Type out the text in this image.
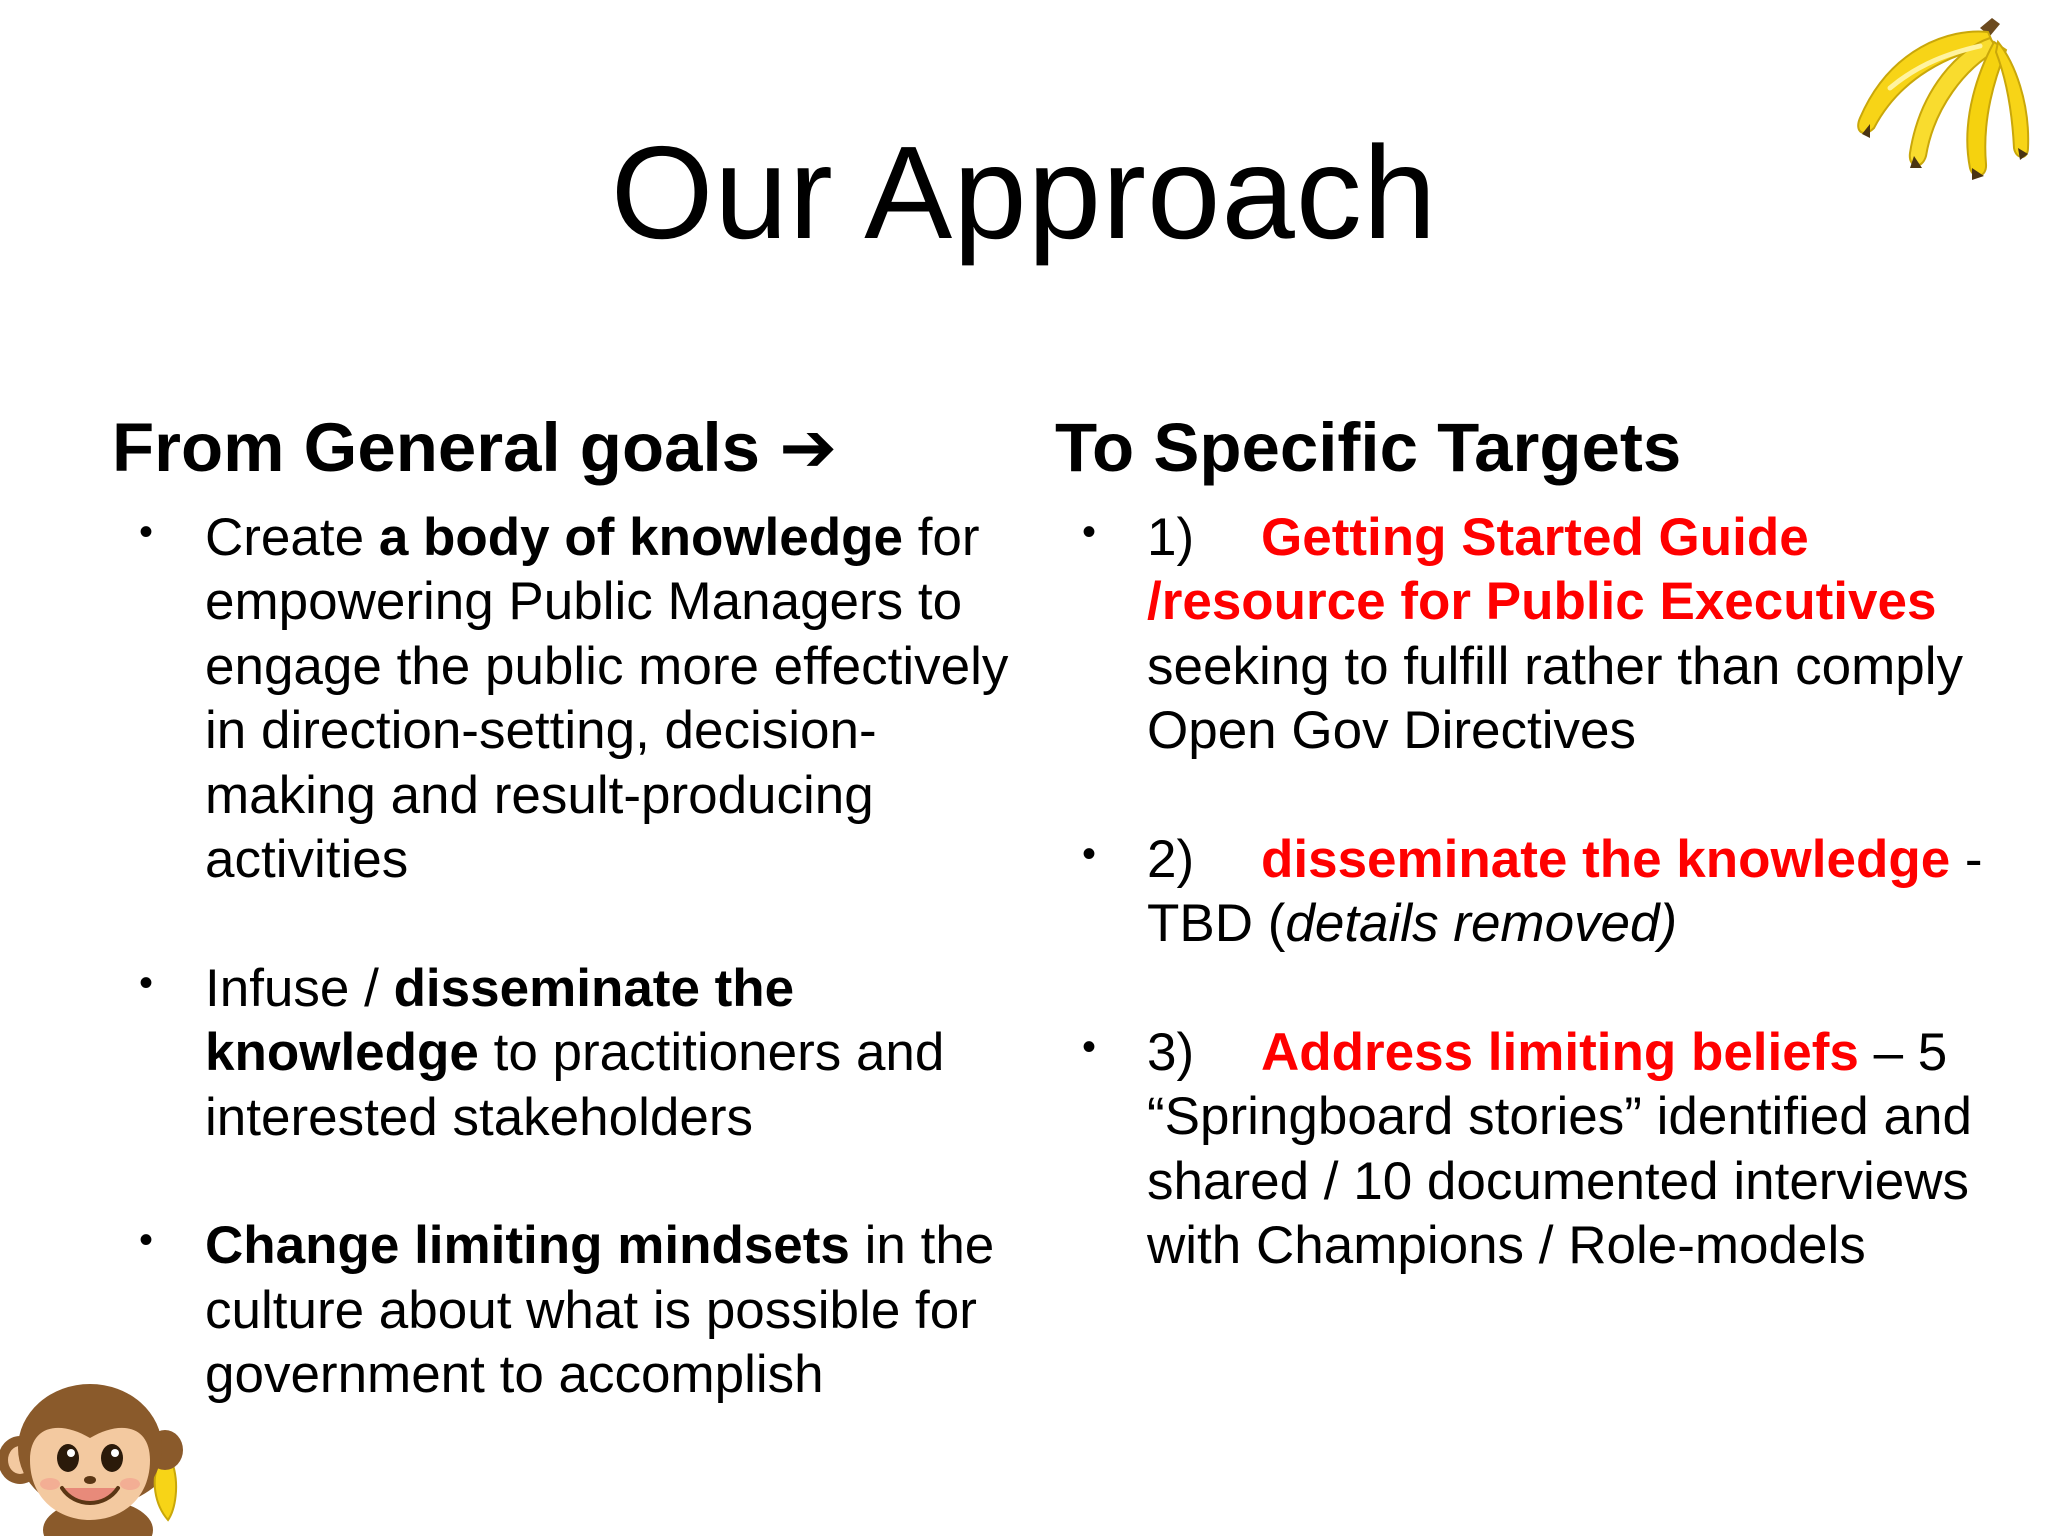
Our Approach
From General goals ➔
• Create a body of knowledge for empowering Public Managers to engage the public more effectively in direction-setting, decision-making and result-producing activities
• Infuse / disseminate the knowledge to practitioners and interested stakeholders
• Change limiting mindsets in the culture about what is possible for government to accomplish
To Specific Targets
• 1) Getting Started Guide /resource for Public Executives seeking to fulfill rather than comply Open Gov Directives
• 2) disseminate the knowledge - TBD (details removed)
• 3) Address limiting beliefs – 5 “Springboard stories” identified and shared / 10 documented interviews with Champions / Role-models
